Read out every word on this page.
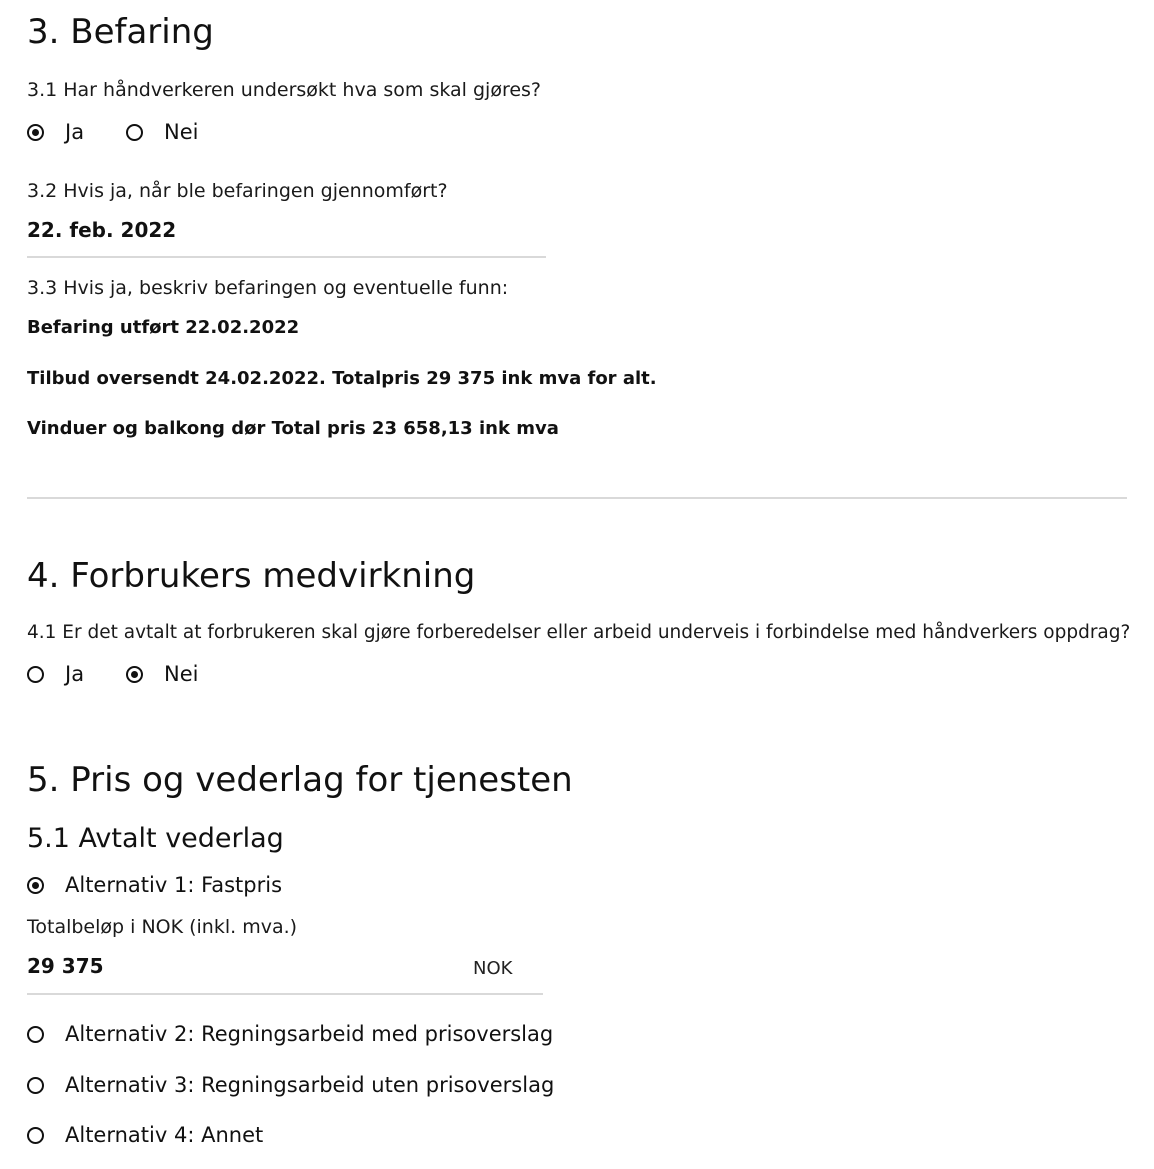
3. Befaring
3.1 Har håndverkeren undersøkt hva som skal gjøres?
Ja	Nei
3.2 Hvis ja, når ble befaringen gjennomført?
22. feb. 2022
3.3 Hvis ja, beskriv befaringen og eventuelle funn:
Befaring utført 22.02.2022
Tilbud oversendt 24.02.2022. Totalpris 29 375 ink mva for alt.
Vinduer og balkong dør Total pris 23 658,13 ink mva
4. Forbrukers medvirkning
4.1 Er det avtalt at forbrukeren skal gjøre forberedelser eller arbeid underveis i forbindelse med håndverkers oppdrag?
Ja	Nei
5. Pris og vederlag for tjenesten
5.1 Avtalt vederlag
Alternativ 1: Fastpris
Totalbeløp i NOK (inkl. mva.)
29 375	NOK
Alternativ 2: Regningsarbeid med prisoverslag
Alternativ 3: Regningsarbeid uten prisoverslag
Alternativ 4: Annet
